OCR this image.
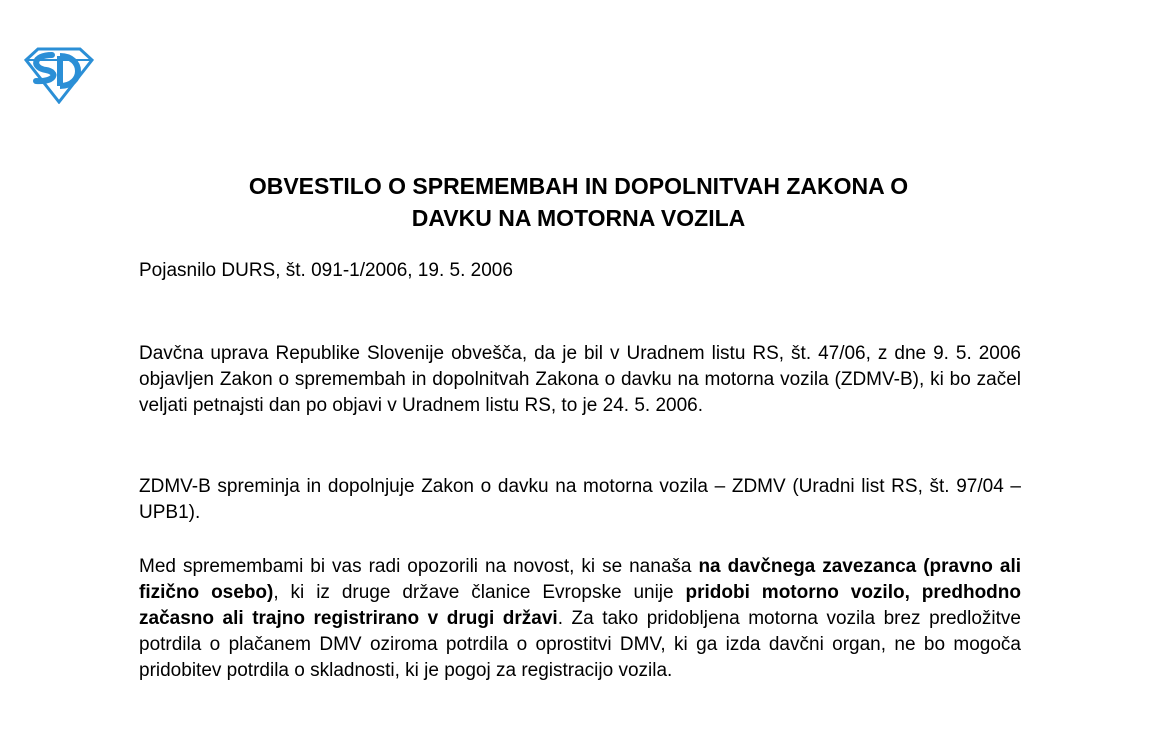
OBVESTILO O SPREMEMBAH IN DOPOLNITVAH ZAKONA O
DAVKU NA MOTORNA VOZILA
Pojasnilo DURS, št. 091-1/2006, 19. 5. 2006
Davčna uprava Republike Slovenije obvešča, da je bil v Uradnem listu RS, št. 47/06, z dne 9. 5. 2006 objavljen Zakon o spremembah in dopolnitvah Zakona o davku na motorna vozila (ZDMV-B), ki bo začel veljati petnajsti dan po objavi v Uradnem listu RS, to je 24. 5. 2006.
ZDMV-B spreminja in dopolnjuje Zakon o davku na motorna vozila – ZDMV (Uradni list RS, št. 97/04 – UPB1).
Med spremembami bi vas radi opozorili na novost, ki se nanaša na davčnega zavezanca (pravno ali fizično osebo), ki iz druge države članice Evropske unije pridobi motorno vozilo, predhodno začasno ali trajno registrirano v drugi državi. Za tako pridobljena motorna vozila brez predložitve potrdila o plačanem DMV oziroma potrdila o oprostitvi DMV, ki ga izda davčni organ, ne bo mogoča pridobitev potrdila o skladnosti, ki je pogoj za registracijo vozila.
